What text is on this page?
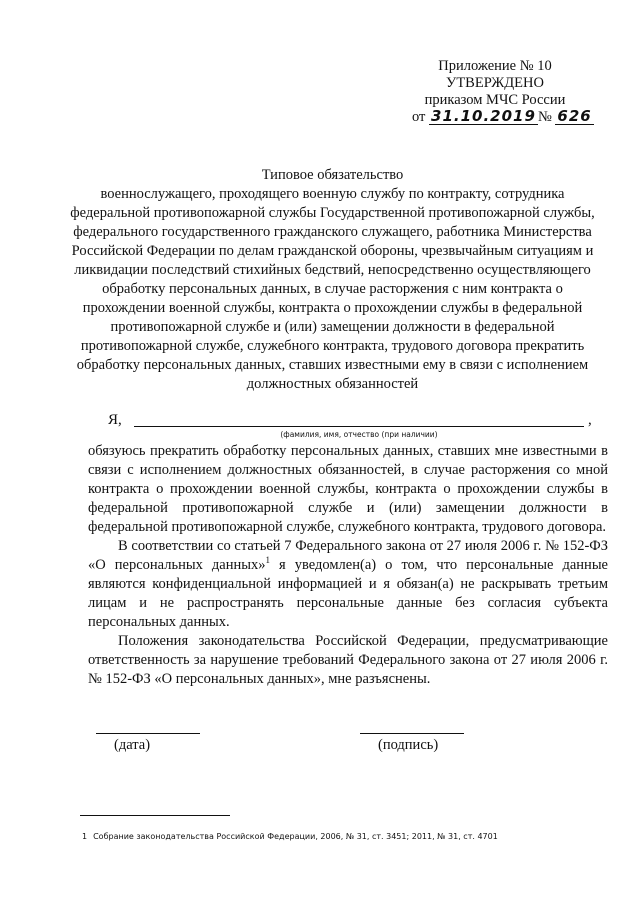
Приложение № 10
УТВЕРЖДЕНО
приказом МЧС России
от 31.10.2019 № 626
Типовое обязательство
военнослужащего, проходящего военную службу по контракту, сотрудника федеральной противопожарной службы Государственной противопожарной службы, федерального государственного гражданского служащего, работника Министерства Российской Федерации по делам гражданской обороны, чрезвычайным ситуациям и ликвидации последствий стихийных бедствий, непосредственно осуществляющего обработку персональных данных, в случае расторжения с ним контракта о прохождении военной службы, контракта о прохождении службы в федеральной противопожарной службе и (или) замещении должности в федеральной противопожарной службе, служебного контракта, трудового договора прекратить обработку персональных данных, ставших известными ему в связи с исполнением должностных обязанностей
Я,	,
(фамилия, имя, отчество (при наличии)

обязуюсь прекратить обработку персональных данных, ставших мне известными в связи с исполнением должностных обязанностей, в случае расторжения со мной контракта о прохождении военной службы, контракта о прохождении службы в федеральной противопожарной службе и (или) замещении должности в федеральной противопожарной службе, служебного контракта, трудового договора.

В соответствии со статьей 7 Федерального закона от 27 июля 2006 г. № 152-ФЗ «О персональных данных»$^1$ я уведомлен(а) о том, что персональные данные являются конфиденциальной информацией и я обязан(а) не раскрывать третьим лицам и не распространять персональные данные без согласия субъекта персональных данных.

Положения законодательства Российской Федерации, предусматривающие ответственность за нарушение требований Федерального закона от 27 июля 2006 г. № 152-ФЗ «О персональных данных», мне разъяснены.

(дата)	(подпись)
1 Собрание законодательства Российской Федерации, 2006, № 31, ст. 3451; 2011, № 31, ст. 4701
